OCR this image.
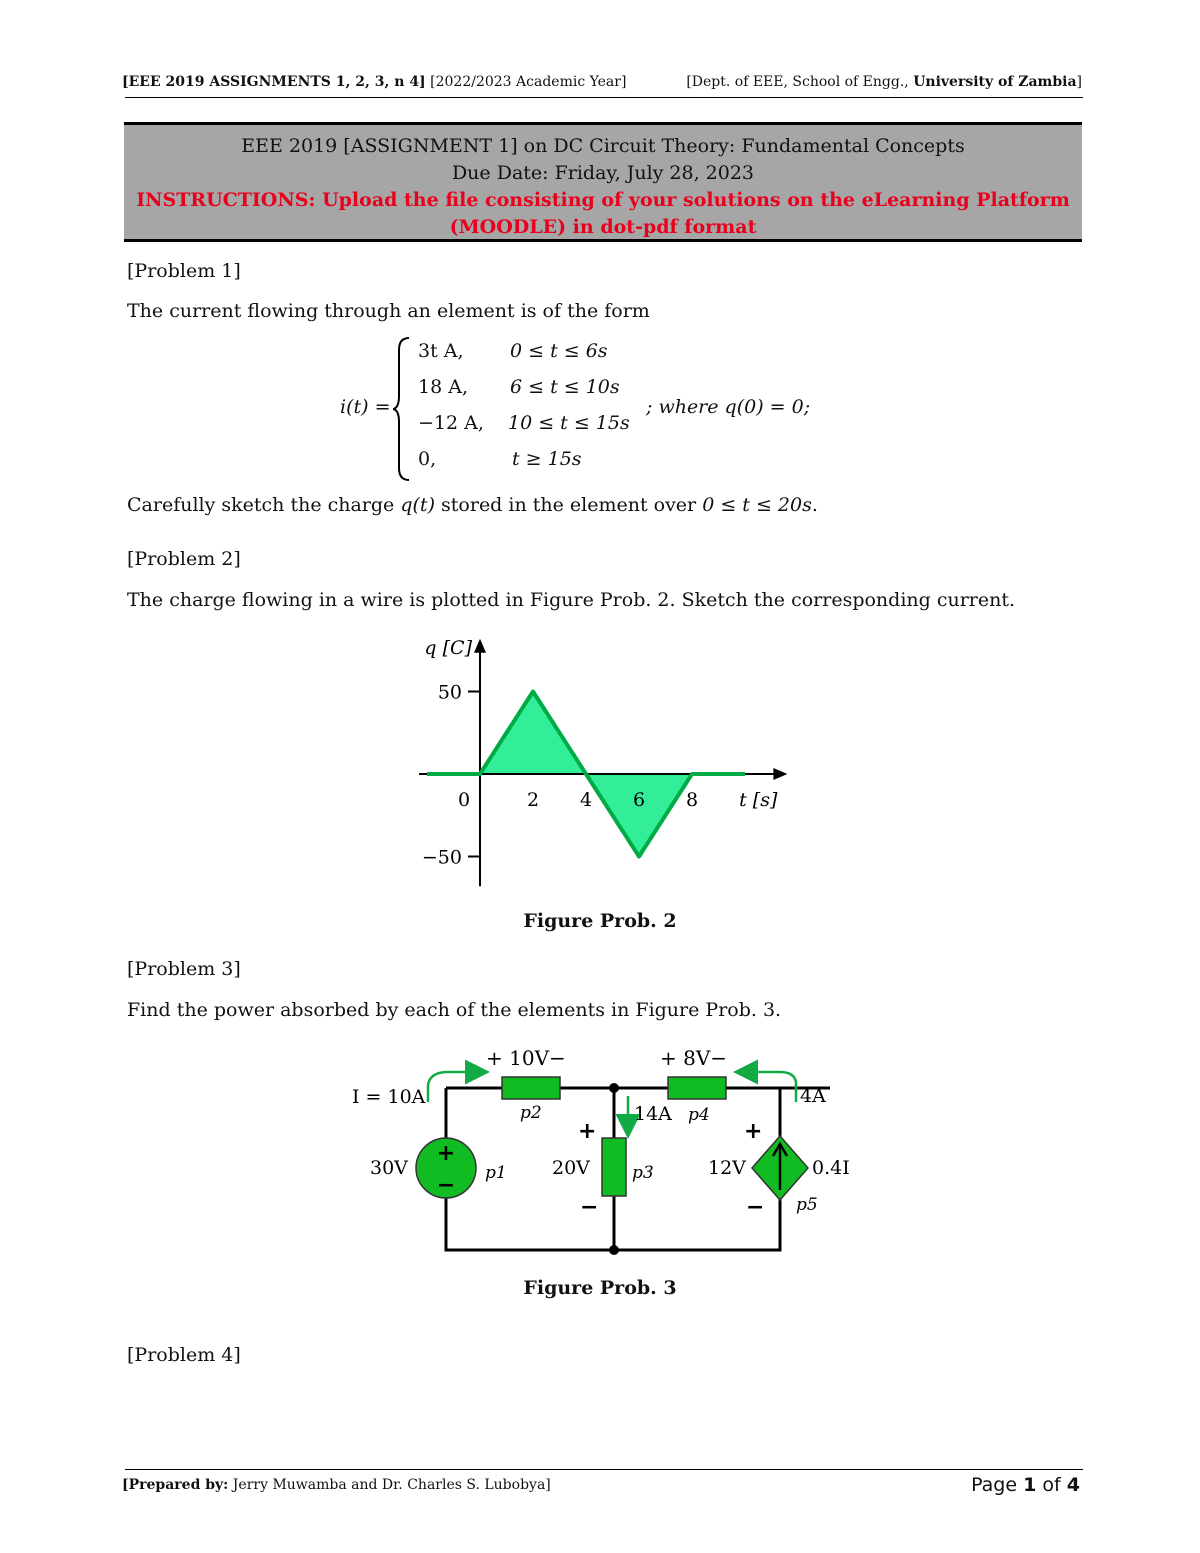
[EEE 2019 ASSIGNMENTS 1, 2, 3, n 4] [2022/2023 Academic Year]	[Dept. of EEE, School of Engg., University of Zambia]
EEE 2019 [ASSIGNMENT 1] on DC Circuit Theory: Fundamental Concepts
Due Date: Friday, July 28, 2023
INSTRUCTIONS: Upload the file consisting of your solutions on the eLearning Platform
(MOODLE) in dot-pdf format
[Problem 1]
The current flowing through an element is of the form
i(t) =
3t A, 0 ≤ t ≤ 6s
18 A, 6 ≤ t ≤ 10s
−12 A, 10 ≤ t ≤ 15s
0,	t ≥ 15s
; where q(0) = 0;
Carefully sketch the charge q(t) stored in the element over 0 ≤ t ≤ 20s.
[Problem 2]
The charge flowing in a wire is plotted in Figure Prob. 2. Sketch the corresponding current.
50
−50
0	2 4 6 8 t [s]
q [C]
Figure Prob. 2
[Problem 3]
Find the power absorbed by each of the elements in Figure Prob. 3.
+
−
I = 10A
+ 10V−	+ 8V−
p2	p4
14A
4A
30V	p1
+
20V
−
p3
+
12V
−
0.4I
p5
Figure Prob. 3
[Problem 4]
[Prepared by: Jerry Muwamba and Dr. Charles S. Lubobya]	Page 1 of 4
